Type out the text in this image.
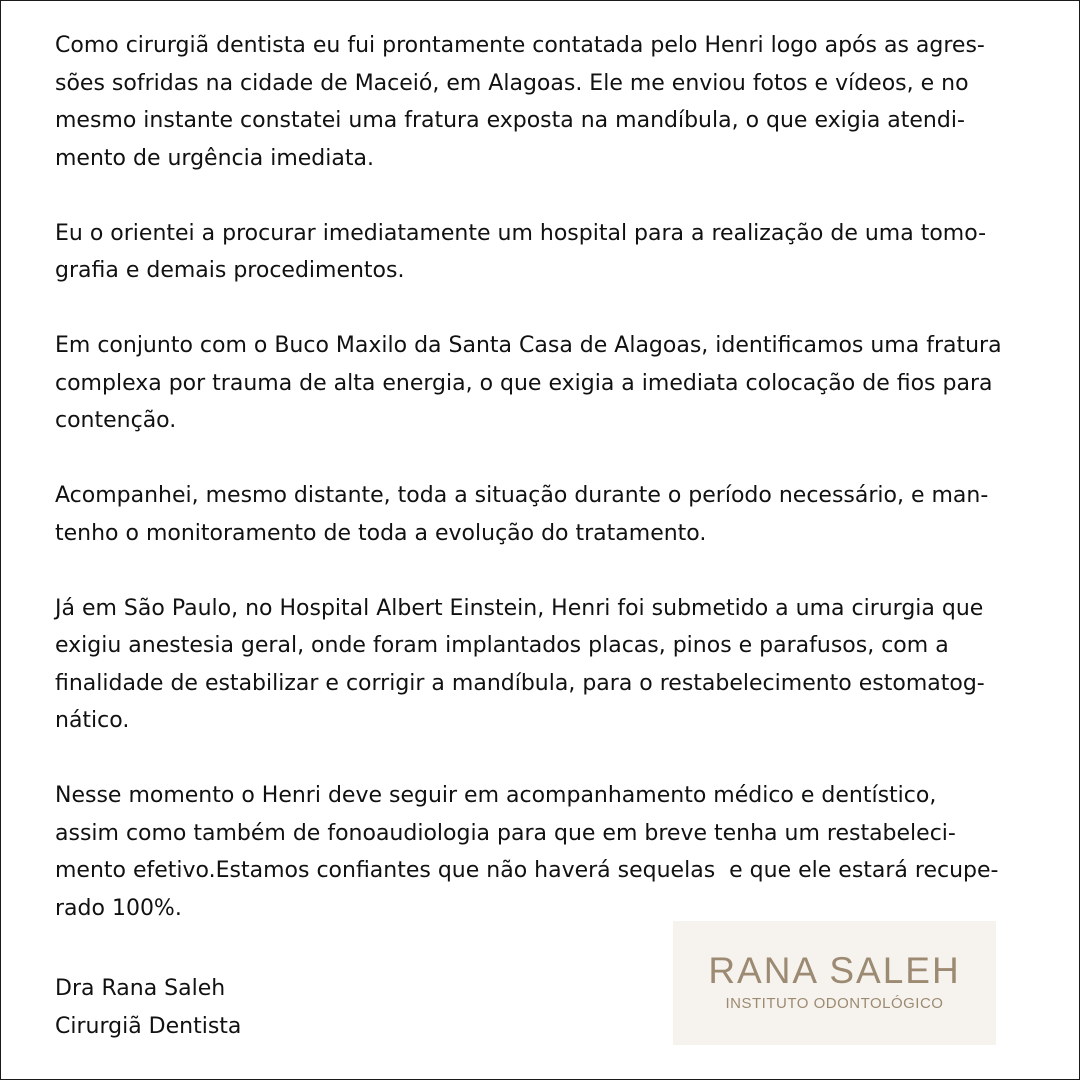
Como cirurgiã dentista eu fui prontamente contatada pelo Henri logo após as agres-
sões sofridas na cidade de Maceió, em Alagoas. Ele me enviou fotos e vídeos, e no
mesmo instante constatei uma fratura exposta na mandíbula, o que exigia atendi-
mento de urgência imediata.

Eu o orientei a procurar imediatamente um hospital para a realização de uma tomo-
grafia e demais procedimentos.

Em conjunto com o Buco Maxilo da Santa Casa de Alagoas, identificamos uma fratura
complexa por trauma de alta energia, o que exigia a imediata colocação de fios para
contenção.

Acompanhei, mesmo distante, toda a situação durante o período necessário, e man-
tenho o monitoramento de toda a evolução do tratamento.

Já em São Paulo, no Hospital Albert Einstein, Henri foi submetido a uma cirurgia que
exigiu anestesia geral, onde foram implantados placas, pinos e parafusos, com a
finalidade de estabilizar e corrigir a mandíbula, para o restabelecimento estomatog-
nático.

Nesse momento o Henri deve seguir em acompanhamento médico e dentístico,
assim como também de fonoaudiologia para que em breve tenha um restabeleci-
mento efetivo.Estamos confiantes que não haverá sequelas  e que ele estará recupe-
rado 100%.

Dra Rana Saleh
Cirurgiã Dentista
RANA SALEH
INSTITUTO ODONTOLÓGICO
